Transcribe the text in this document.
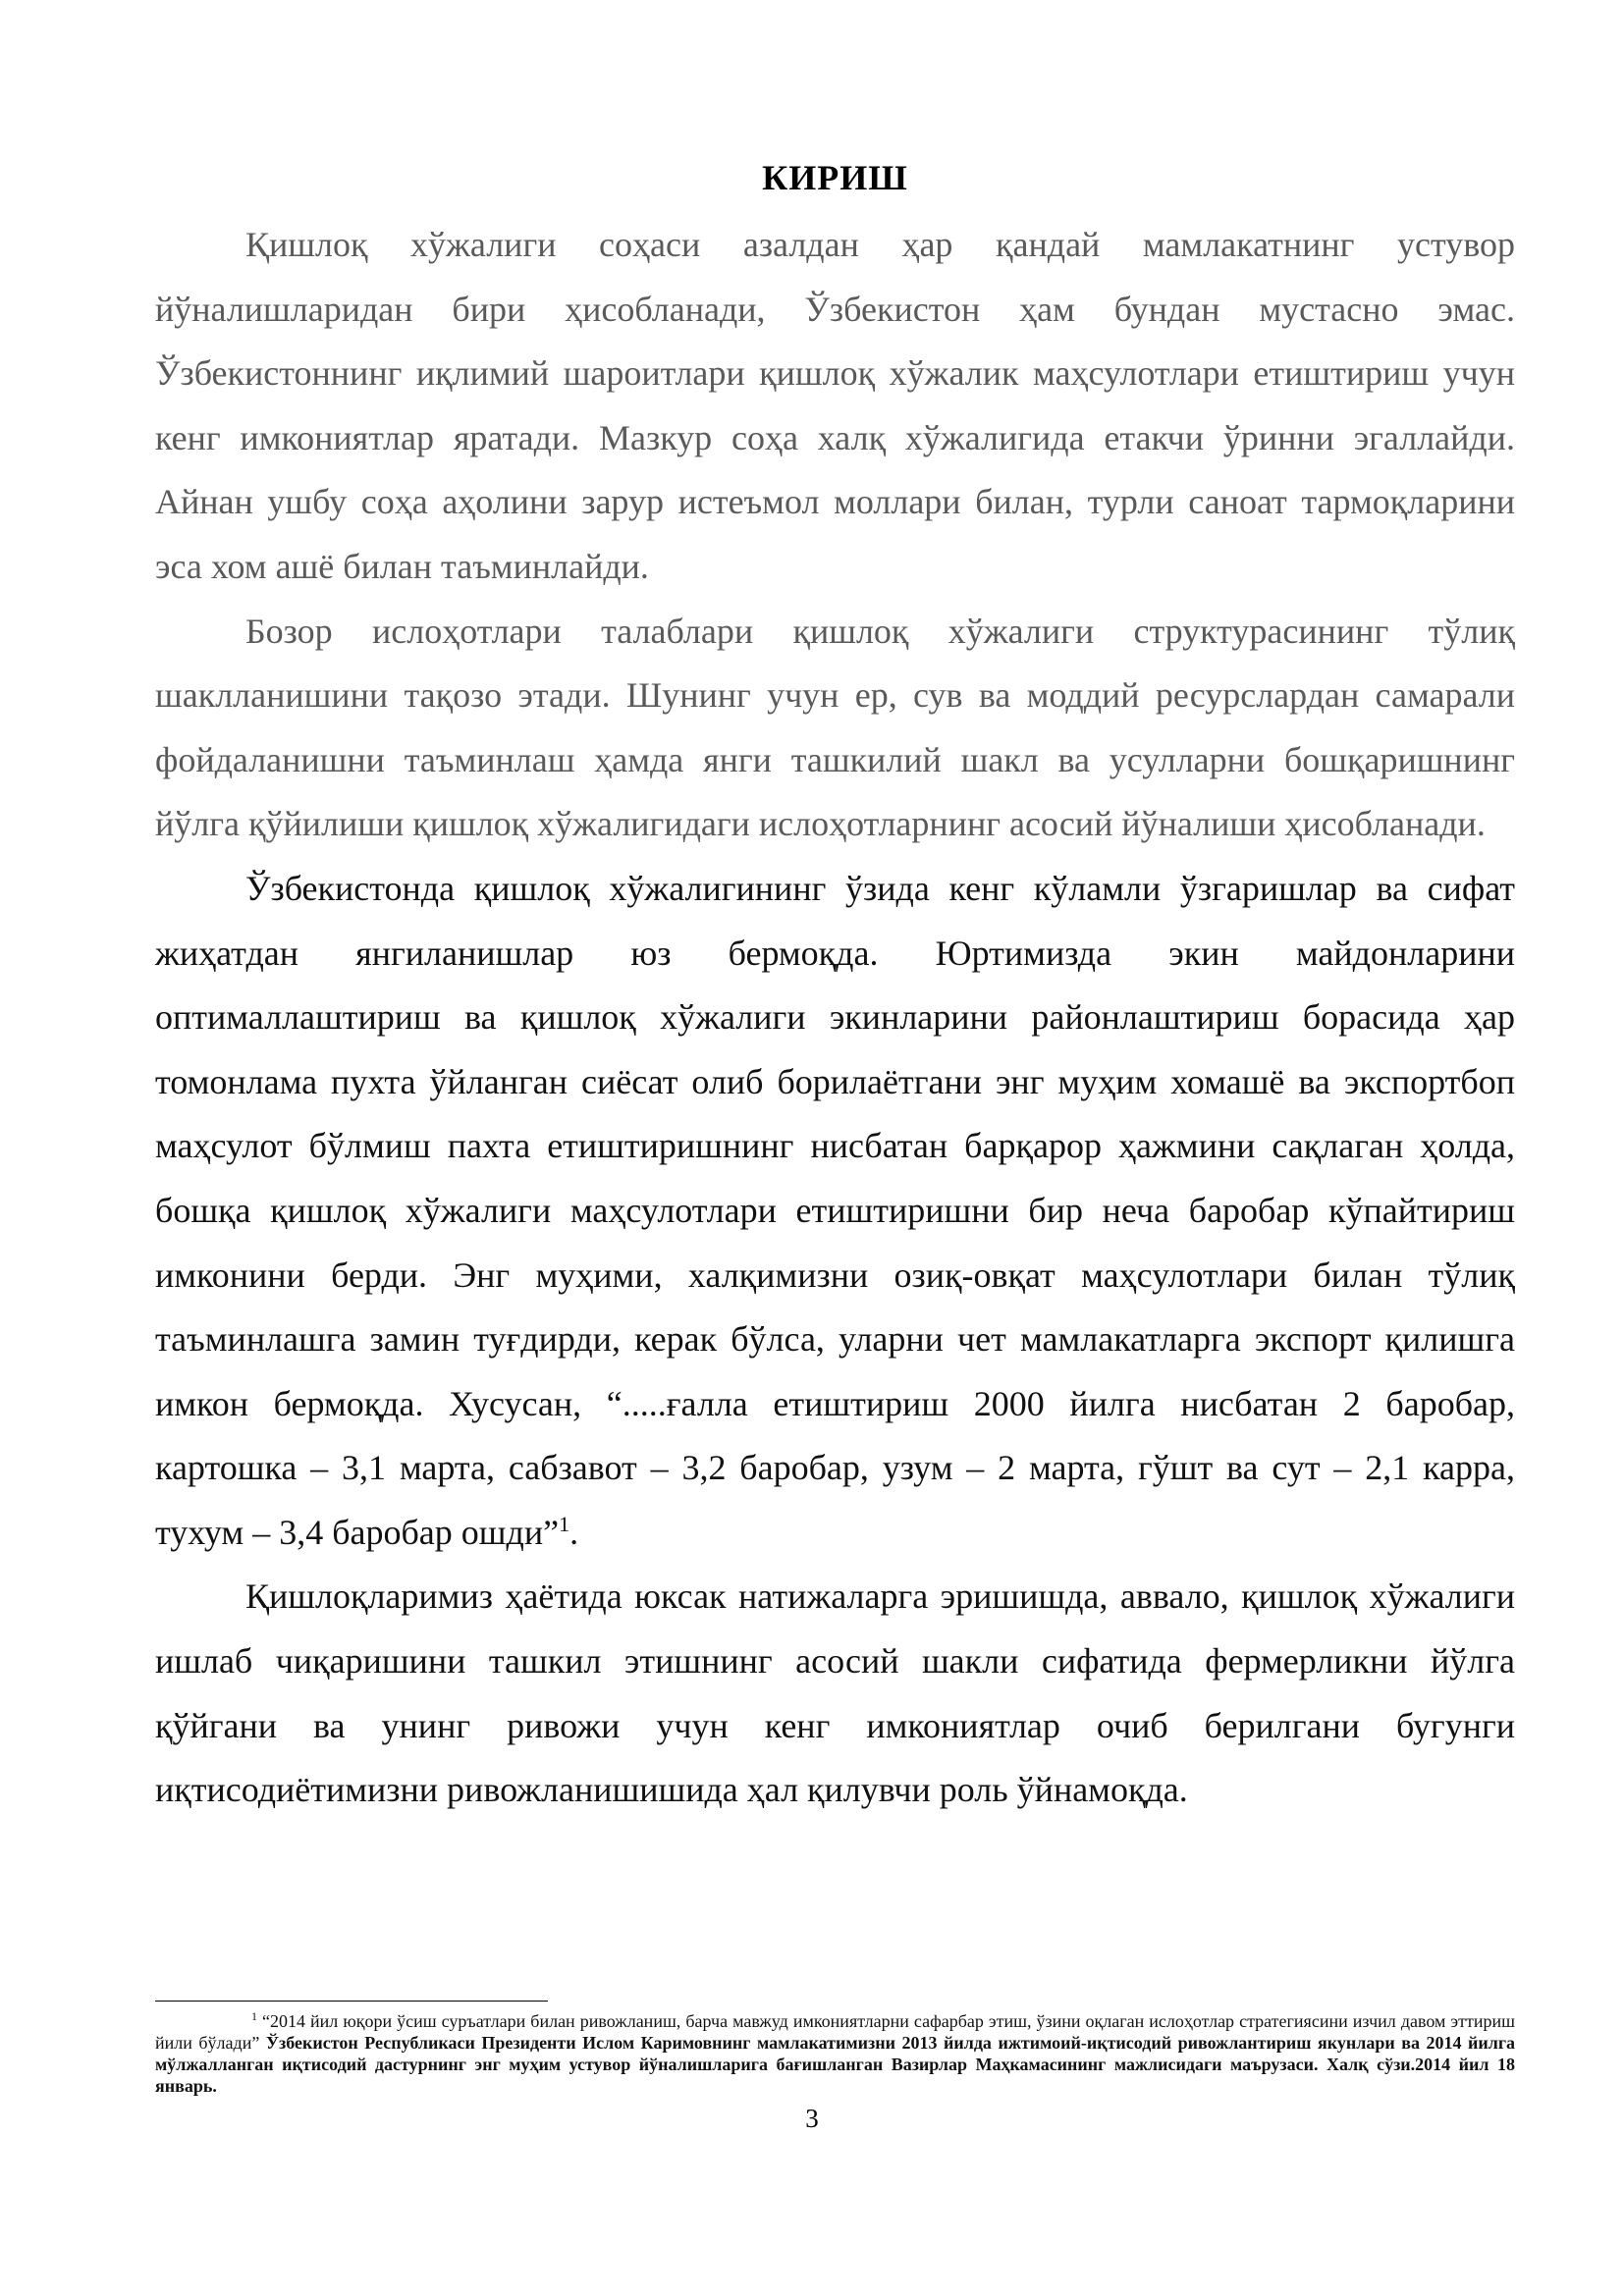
КИРИШ

Қишлоқ хўжалиги соҳаси азалдан ҳар қандай мамлакатнинг устувор йўналишларидан бири ҳисобланади, Ўзбекистон ҳам бундан мустасно эмас. Ўзбекистоннинг иқлимий шароитлари қишлоқ хўжалик маҳсулотлари етиштириш учун кенг имкониятлар яратади. Мазкур соҳа халқ хўжалигида етакчи ўринни эгаллайди. Айнан ушбу соҳа аҳолини зарур истеъмол моллари билан, турли саноат тармоқларини эса хом ашё билан таъминлайди.

Бозор ислоҳотлари талаблари қишлоқ хўжалиги структурасининг тўлиқ шаклланишини тақозо этади. Шунинг учун ер, сув ва моддий ресурслардан самарали фойдаланишни таъминлаш ҳамда янги ташкилий шакл ва усулларни бошқаришнинг йўлга қўйилиши қишлоқ хўжалигидаги ислоҳотларнинг асосий йўналиши ҳисобланади.

Ўзбекистонда қишлоқ хўжалигининг ўзида кенг кўламли ўзгаришлар ва сифат жиҳатдан янгиланишлар юз бермоқда. Юртимизда экин майдонларини оптималлаштириш ва қишлоқ хўжалиги экинларини районлаштириш борасида ҳар томонлама пухта ўйланган сиёсат олиб борилаётгани энг муҳим хомашё ва экспортбоп маҳсулот бўлмиш пахта етиштиришнинг нисбатан барқарор ҳажмини сақлаган ҳолда, бошқа қишлоқ хўжалиги маҳсулотлари етиштиришни бир неча баробар кўпайтириш имконини берди. Энг муҳими, халқимизни озиқ-овқат маҳсулотлари билан тўлиқ таъминлашга замин туғдирди, керак бўлса, уларни чет мамлакатларга экспорт қилишга имкон бермоқда. Хусусан, “.....ғалла етиштириш 2000 йилга нисбатан 2 баробар, картошка – 3,1 марта, сабзавот – 3,2 баробар, узум – 2 марта, гўшт ва сут – 2,1 карра, тухум – 3,4 баробар ошди”$^1$.

Қишлоқларимиз ҳаётида юксак натижаларга эришишда, аввало, қишлоқ хўжалиги ишлаб чиқаришини ташкил этишнинг асосий шакли сифатида фермерликни йўлга қўйгани ва унинг ривожи учун кенг имкониятлар очиб берилгани бугунги иқтисодиётимизни ривожланишишида ҳал қилувчи роль ўйнамоқда.

$^1$ “2014 йил юқори ўсиш суръатлари билан ривожланиш, барча мавжуд имкониятларни сафарбар этиш, ўзини оқлаган ислоҳотлар стратегиясини изчил давом эттириш йили бўлади” Ўзбекистон Республикаси Президенти Ислом Каримовнинг мамлакатимизни 2013 йилда ижтимоий-иқтисодий ривожлантириш якунлари ва 2014 йилга мўлжалланган иқтисодий дастурнинг энг муҳим устувор йўналишларига бағишланган Вазирлар Маҳкамасининг мажлисидаги маърузаси. Халқ сўзи.2014 йил 18 январь.
3
